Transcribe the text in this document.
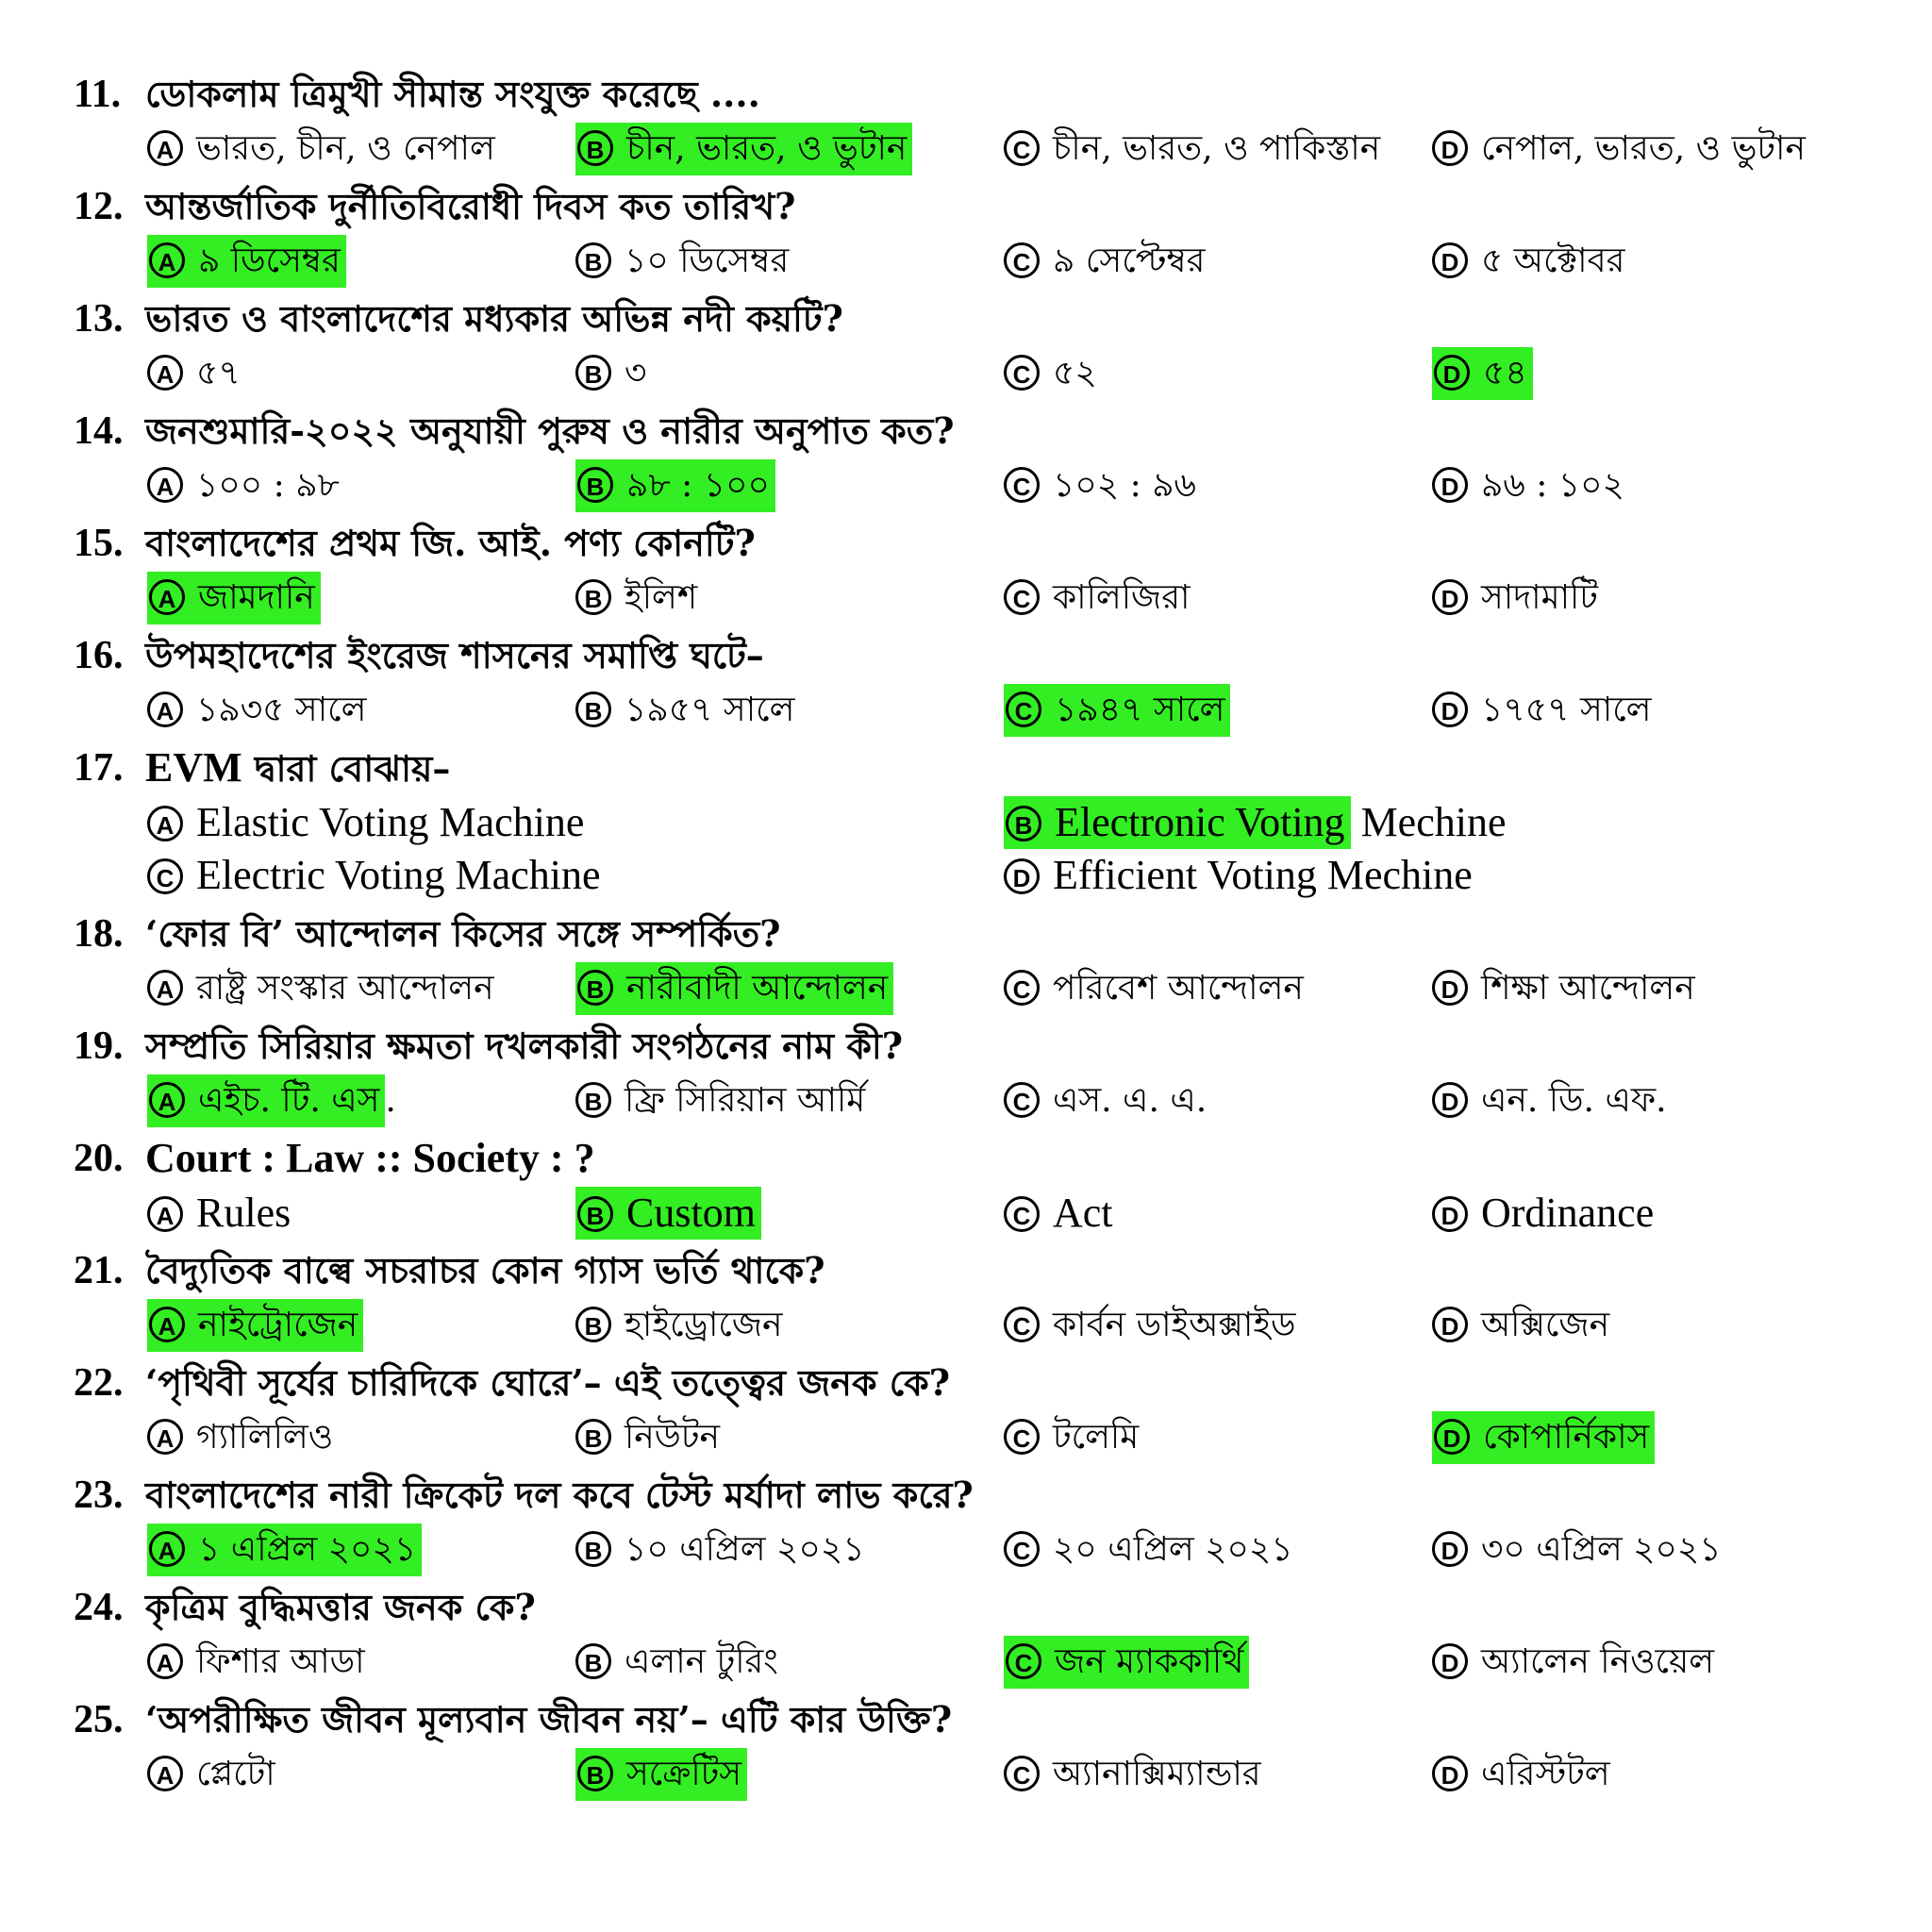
11. ডোকলাম ত্রিমুখী সীমান্ত সংযুক্ত করেছে ....
A ভারত, চীন, ও নেপাল	B চীন, ভারত, ও ভুটান	C চীন, ভারত, ও পাকিস্তান	D নেপাল, ভারত, ও ভুটান
12. আন্তর্জাতিক দুর্নীতিবিরোধী দিবস কত তারিখ?
A ৯ ডিসেম্বর	B ১০ ডিসেম্বর	C ৯ সেপ্টেম্বর	D ৫ অক্টোবর
13. ভারত ও বাংলাদেশের মধ্যকার অভিন্ন নদী কয়টি?
A ৫৭	B ৩	C ৫২	D ৫৪
14. জনশুমারি-২০২২ অনুযায়ী পুরুষ ও নারীর অনুপাত কত?
A ১০০ : ৯৮	B ৯৮ : ১০০	C ১০২ : ৯৬	D ৯৬ : ১০২
15. বাংলাদেশের প্রথম জি. আই. পণ্য কোনটি?
A জামদানি	B ইলিশ	C কালিজিরা	D সাদামাটি
16. উপমহাদেশের ইংরেজ শাসনের সমাপ্তি ঘটে–
A ১৯৩৫ সালে	B ১৯৫৭ সালে	C ১৯৪৭ সালে	D ১৭৫৭ সালে
17. EVM দ্বারা বোঝায়–
A Elastic Voting Machine	B Electronic Voting Mechine
C Electric Voting Machine	D Efficient Voting Mechine
18. ‘ফোর বি’ আন্দোলন কিসের সঙ্গে সম্পর্কিত?
A রাষ্ট্র সংস্কার আন্দোলন	B নারীবাদী আন্দোলন	C পরিবেশ আন্দোলন	D শিক্ষা আন্দোলন
19. সম্প্রতি সিরিয়ার ক্ষমতা দখলকারী সংগঠনের নাম কী?
A এইচ. টি. এস .	B ফ্রি সিরিয়ান আর্মি	C এস. এ. এ.	D এন. ডি. এফ.
20. Court : Law :: Society : ?
A Rules	B Custom	C Act	D Ordinance
21. বৈদ্যুতিক বাল্বে সচরাচর কোন গ্যাস ভর্তি থাকে?
A নাইট্রোজেন	B হাইড্রোজেন	C কার্বন ডাইঅক্সাইড	D অক্সিজেন
22. ‘পৃথিবী সূর্যের চারিদিকে ঘোরে’– এই তত্ত্বের জনক কে?
A গ্যালিলিও	B নিউটন	C টলেমি	D কোপার্নিকাস
23. বাংলাদেশের নারী ক্রিকেট দল কবে টেস্ট মর্যাদা লাভ করে?
A ১ এপ্রিল ২০২১	B ১০ এপ্রিল ২০২১	C ২০ এপ্রিল ২০২১	D ৩০ এপ্রিল ২০২১
24. কৃত্রিম বুদ্ধিমত্তার জনক কে?
A ফিশার আডা	B এলান টুরিং	C জন ম্যাককার্থি	D অ্যালেন নিওয়েল
25. ‘অপরীক্ষিত জীবন মূল্যবান জীবন নয়’– এটি কার উক্তি?
A প্লেটো	B সক্রেটিস	C অ্যানাক্সিম্যান্ডার	D এরিস্টটল
